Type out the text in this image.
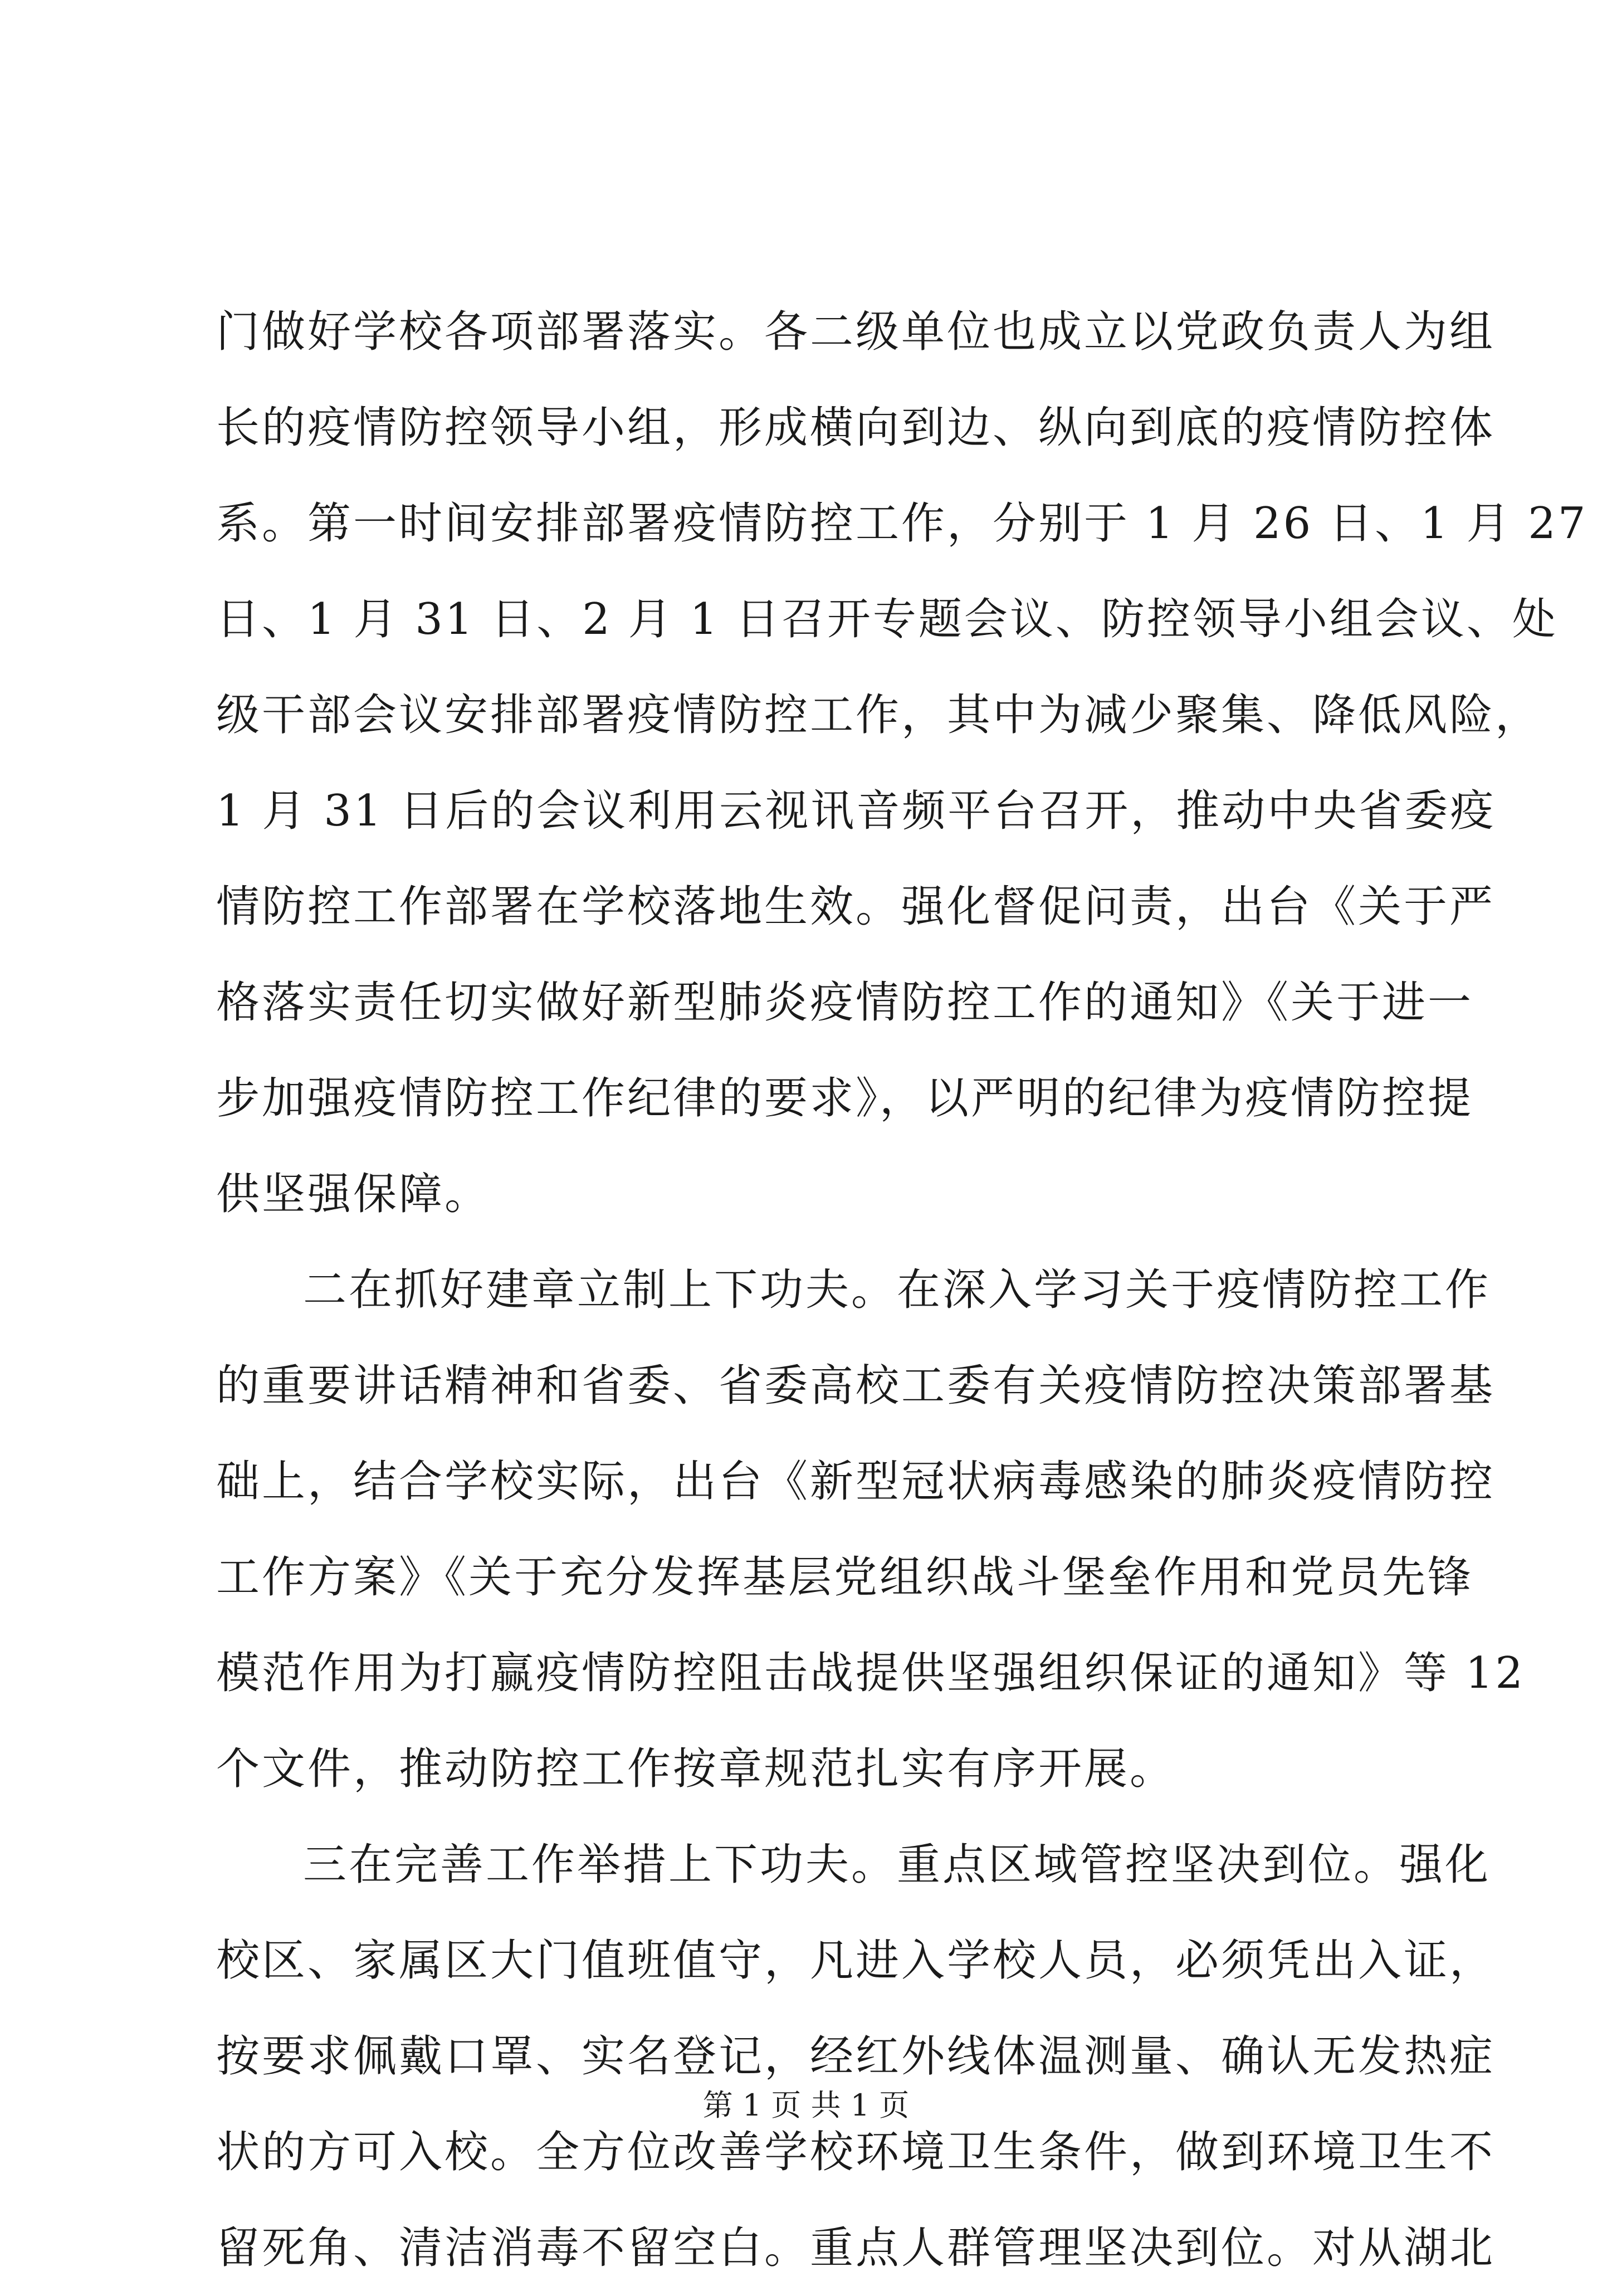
门做好学校各项部署落实。各二级单位也成立以党政负责人为组
长的疫情防控领导小组，形成横向到边、纵向到底的疫情防控体
系。第一时间安排部署疫情防控工作，分别于 1 月 26 日、1 月 27
日、1 月 31 日、2 月 1 日召开专题会议、防控领导小组会议、处
级干部会议安排部署疫情防控工作，其中为减少聚集、降低风险，
1 月 31 日后的会议利用云视讯音频平台召开，推动中央省委疫
情防控工作部署在学校落地生效。强化督促问责，出台《关于严
格落实责任切实做好新型肺炎疫情防控工作的通知》《关于进一
步加强疫情防控工作纪律的要求》，以严明的纪律为疫情防控提
供坚强保障。
二在抓好建章立制上下功夫。在深入学习关于疫情防控工作
的重要讲话精神和省委、省委高校工委有关疫情防控决策部署基
础上，结合学校实际，出台《新型冠状病毒感染的肺炎疫情防控
工作方案》《关于充分发挥基层党组织战斗堡垒作用和党员先锋
模范作用为打赢疫情防控阻击战提供坚强组织保证的通知》等 12
个文件，推动防控工作按章规范扎实有序开展。
三在完善工作举措上下功夫。重点区域管控坚决到位。强化
校区、家属区大门值班值守，凡进入学校人员，必须凭出入证，
按要求佩戴口罩、实名登记，经红外线体温测量、确认无发热症
状的方可入校。全方位改善学校环境卫生条件，做到环境卫生不
留死角、清洁消毒不留空白。重点人群管理坚决到位。对从湖北
第 1 页 共 1 页
